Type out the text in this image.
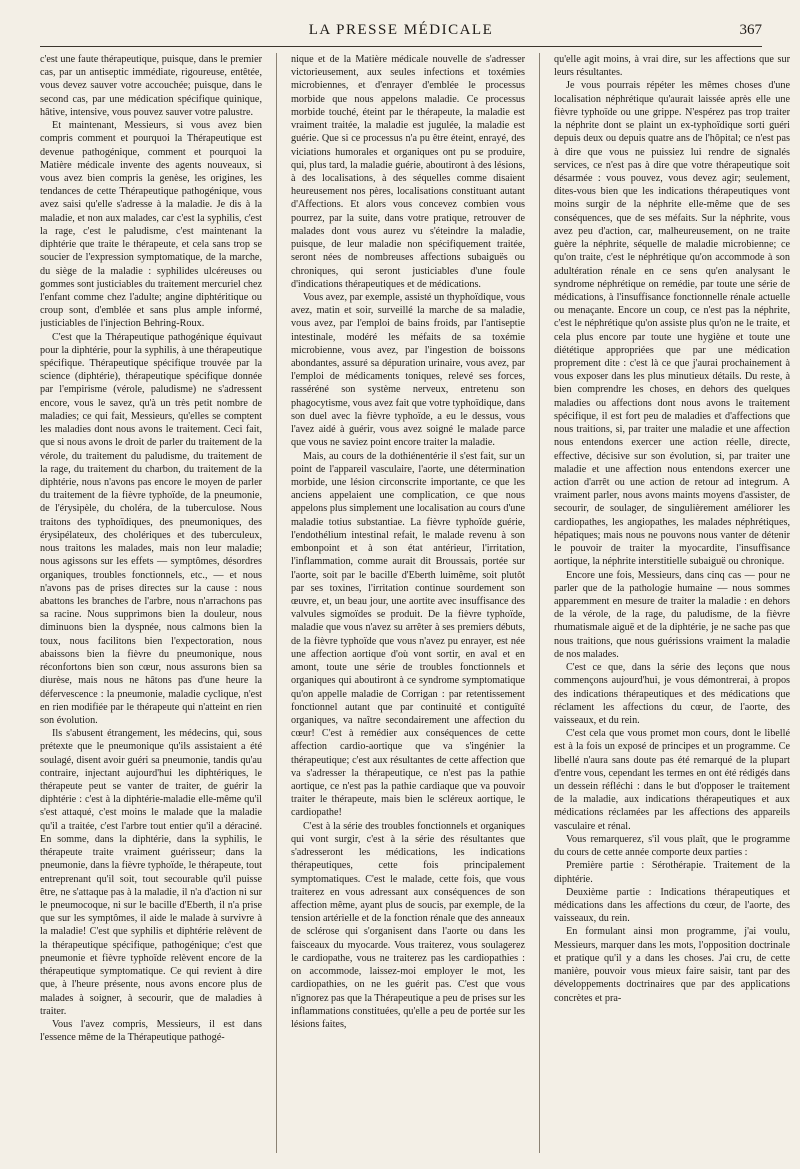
LA PRESSE MÉDICALE	367

c'est une faute thérapeutique, puisque, dans le premier cas, par un antiseptic immédiate, rigoureuse, entêtée, vous devez sauver votre accouchée; puisque, dans le second cas, par une médication spécifique quinique, hâtive, intensive, vous pouvez sauver votre palustre.

Et maintenant, Messieurs, si vous avez bien compris comment et pourquoi la Thérapeutique est devenue pathogénique, comment et pourquoi la Matière médicale invente des agents nouveaux, si vous avez bien compris la genèse, les origines, les tendances de cette Thérapeutique pathogénique, vous avez saisi qu'elle s'adresse à la maladie. Je dis à la maladie, et non aux malades, car c'est la syphilis, c'est la rage, c'est le paludisme, c'est maintenant la diphtérie que traite le thérapeute, et cela sans trop se soucier de l'expression symptomatique, de la marche, du siège de la maladie : syphilides ulcéreuses ou gommes sont justiciables du traitement mercuriel chez l'enfant comme chez l'adulte; angine diphtéritique ou croup sont, d'emblée et sans plus ample informé, justiciables de l'injection Behring-Roux.

C'est que la Thérapeutique pathogénique équivaut pour la diphtérie, pour la syphilis, à une thérapeutique spécifique. Thérapeutique spécifique trouvée par la science (diphtérie), thérapeutique spécifique donnée par l'empirisme (vérole, paludisme) ne s'adressent encore, vous le savez, qu'à un très petit nombre de maladies; ce qui fait, Messieurs, qu'elles se comptent les maladies dont nous avons le traitement. Ceci fait, que si nous avons le droit de parler du traitement de la vérole, du traitement du paludisme, du traitement de la rage, du traitement du charbon, du traitement de la diphtérie, nous n'avons pas encore le moyen de parler du traitement de la fièvre typhoïde, de la pneumonie, de l'érysipèle, du choléra, de la tuberculose. Nous traitons des typhoïdiques, des pneumoniques, des érysipélateux, des cholériques et des tuberculeux, nous traitons les malades, mais non leur maladie; nous agissons sur les effets — symptômes, désordres organiques, troubles fonctionnels, etc., — et nous n'avons pas de prises directes sur la cause : nous abattons les branches de l'arbre, nous n'arrachons pas sa racine. Nous supprimons bien la douleur, nous diminuons bien la dyspnée, nous calmons bien la toux, nous facilitons bien l'expectoration, nous abaissons bien la fièvre du pneumonique, nous réconfortons bien son cœur, nous assurons bien sa diurèse, mais nous ne hâtons pas d'une heure la défervescence : la pneumonie, maladie cyclique, n'est en rien modifiée par le thérapeute qui n'atteint en rien son évolution.

Ils s'abusent étrangement, les médecins, qui, sous prétexte que le pneumonique qu'ils assistaient a été soulagé, disent avoir guéri sa pneumonie, tandis qu'au contraire, injectant aujourd'hui les diphtériques, le thérapeute peut se vanter de traiter, de guérir la diphtérie : c'est à la diphtérie-maladie elle-même qu'il s'est attaqué, c'est moins le malade que la maladie qu'il a traitée, c'est l'arbre tout entier qu'il a déraciné. En somme, dans la diphtérie, dans la syphilis, le thérapeute traite vraiment guérisseur; dans la pneumonie, dans la fièvre typhoïde, le thérapeute, tout entreprenant qu'il soit, tout secourable qu'il puisse être, ne s'attaque pas à la maladie, il n'a d'action ni sur le pneumocoque, ni sur le bacille d'Eberth, il n'a prise que sur les symptômes, il aide le malade à survivre à la maladie! C'est que syphilis et diphtérie relèvent de la thérapeutique spécifique, pathogénique; c'est que pneumonie et fièvre typhoïde relèvent encore de la thérapeutique symptomatique. Ce qui revient à dire que, à l'heure présente, nous avons encore plus de malades à soigner, à secourir, que de maladies à traiter.

Vous l'avez compris, Messieurs, il est dans l'essence même de la Thérapeutique pathogé-

nique et de la Matière médicale nouvelle de s'adresser victorieusement, aux seules infections et toxémies microbiennes, et d'enrayer d'emblée le processus morbide que nous appelons maladie. Ce processus morbide touché, éteint par le thérapeute, la maladie est vraiment traitée, la maladie est jugulée, la maladie est guérie. Que si ce processus n'a pu être éteint, enrayé, des viciations humorales et organiques ont pu se produire, qui, plus tard, la maladie guérie, aboutiront à des lésions, à des localisations, à des séquelles comme disaient heureusement nos pères, localisations constituant autant d'Affections. Et alors vous concevez combien vous pourrez, par la suite, dans votre pratique, retrouver de malades dont vous aurez vu s'éteindre la maladie, puisque, de leur maladie non spécifiquement traitée, seront nées de nombreuses affections subaiguës ou chroniques, qui seront justiciables d'une foule d'indications thérapeutiques et de médications.

Vous avez, par exemple, assisté un thyphoïdique, vous avez, matin et soir, surveillé la marche de sa maladie, vous avez, par l'emploi de bains froids, par l'antiseptie intestinale, modéré les méfaits de sa toxémie microbienne, vous avez, par l'ingestion de boissons abondantes, assuré sa dépuration urinaire, vous avez, par l'emploi de médicaments toniques, relevé ses forces, rasséréné son système nerveux, entretenu son phagocytisme, vous avez fait que votre typhoïdique, dans son duel avec la fièvre typhoïde, a eu le dessus, vous l'avez aidé à guérir, vous avez soigné le malade parce que vous ne saviez point encore traiter la maladie.

Mais, au cours de la dothiénentérie il s'est fait, sur un point de l'appareil vasculaire, l'aorte, une détermination morbide, une lésion circonscrite importante, ce que les anciens appelaient une complication, ce que nous appelons plus simplement une localisation au cours d'une maladie totius substantiae. La fièvre typhoïde guérie, l'endothélium intestinal refait, le malade revenu à son embonpoint et à son état antérieur, l'irritation, l'inflammation, comme aurait dit Broussais, portée sur l'aorte, soit par le bacille d'Eberth luimême, soit plutôt par ses toxines, l'irritation continue sourdement son œuvre, et, un beau jour, une aortite avec insuffisance des valvules sigmoïdes se produit. De la fièvre typhoïde, maladie que vous n'avez su arrêter à ses premiers débuts, de la fièvre typhoïde que vous n'avez pu enrayer, est née une affection aortique d'où vont sortir, en aval et en amont, toute une série de troubles fonctionnels et organiques qui aboutiront à ce syndrome symptomatique qu'on appelle maladie de Corrigan : par retentissement fonctionnel autant que par continuité et contiguïté organiques, va naître secondairement une affection du cœur! C'est à remédier aux conséquences de cette affection cardio-aortique que va s'ingénier la thérapeutique; c'est aux résultantes de cette affection que va s'adresser la thérapeutique, ce n'est pas la pathie aortique, ce n'est pas la pathie cardiaque que va pouvoir traiter le thérapeute, mais bien le scléreux aortique, le cardiopathe!

C'est à la série des troubles fonctionnels et organiques qui vont surgir, c'est à la série des résultantes que s'adresseront les médications, les indications thérapeutiques, cette fois principalement symptomatiques. C'est le malade, cette fois, que vous traiterez en vous adressant aux conséquences de son affection même, ayant plus de soucis, par exemple, de la tension artérielle et de la fonction rénale que des anneaux de sclérose qui s'organisent dans l'aorte ou dans les faisceaux du myocarde. Vous traiterez, vous soulagerez le cardiopathe, vous ne traiterez pas les cardiopathies : on accommode, laissez-moi employer le mot, les cardiopathies, on ne les guérit pas. C'est que vous n'ignorez pas que la Thérapeutique a peu de prises sur les inflammations constituées, qu'elle a peu de portée sur les lésions faites,

qu'elle agit moins, à vrai dire, sur les affections que sur leurs résultantes.

Je vous pourrais répéter les mêmes choses d'une localisation néphrétique qu'aurait laissée après elle une fièvre typhoïde ou une grippe. N'espérez pas trop traiter la néphrite dont se plaint un ex-typhoïdique sorti guéri depuis deux ou depuis quatre ans de l'hôpital; ce n'est pas à dire que vous ne puissiez lui rendre de signalés services, ce n'est pas à dire que votre thérapeutique soit désarmée : vous pouvez, vous devez agir; seulement, dites-vous bien que les indications thérapeutiques vont moins surgir de la néphrite elle-même que de ses conséquences, que de ses méfaits. Sur la néphrite, vous avez peu d'action, car, malheureusement, on ne traite guère la néphrite, séquelle de maladie microbienne; ce qu'on traite, c'est le néphrétique qu'on accommode à son adultération rénale en ce sens qu'en analysant le syndrome néphrétique on remédie, par toute une série de médications, à l'insuffisance fonctionnelle rénale actuelle ou menaçante. Encore un coup, ce n'est pas la néphrite, c'est le néphrétique qu'on assiste plus qu'on ne le traite, et cela plus encore par toute une hygiène et toute une diététique appropriées que par une médication proprement dite : c'est là ce que j'aurai prochainement à vous exposer dans les plus minutieux détails. Du reste, à bien comprendre les choses, en dehors des quelques maladies ou affections dont nous avons le traitement spécifique, il est fort peu de maladies et d'affections que nous traitions, si, par traiter une maladie et une affection nous entendons exercer une action réelle, directe, effective, décisive sur son évolution, si, par traiter une maladie et une affection nous entendons exercer une action d'arrêt ou une action de retour ad integrum. A vraiment parler, nous avons maints moyens d'assister, de secourir, de soulager, de singulièrement améliorer les cardiopathes, les angiopathes, les malades néphrétiques, hépatiques; mais nous ne pouvons nous vanter de détenir le pouvoir de traiter la myocardite, l'insuffisance aortique, la néphrite interstitielle subaiguë ou chronique.

Encore une fois, Messieurs, dans cinq cas — pour ne parler que de la pathologie humaine — nous sommes apparemment en mesure de traiter la maladie : en dehors de la vérole, de la rage, du paludisme, de la fièvre rhumatismale aiguë et de la diphtérie, je ne sache pas que nous traitions, que nous guérissions vraiment la maladie de nos malades.

C'est ce que, dans la série des leçons que nous commençons aujourd'hui, je vous démontrerai, à propos des indications thérapeutiques et des médications que réclament les affections du cœur, de l'aorte, des vaisseaux, et du rein.

C'est cela que vous promet mon cours, dont le libellé est à la fois un exposé de principes et un programme. Ce libellé n'aura sans doute pas été remarqué de la plupart d'entre vous, cependant les termes en ont été rédigés dans un dessein réfléchi : dans le but d'opposer le traitement de la maladie, aux indications thérapeutiques et aux médications réclamées par les affections des appareils vasculaire et rénal.

Vous remarquerez, s'il vous plaît, que le programme du cours de cette année comporte deux parties :

Première partie : Sérothérapie. Traitement de la diphtérie.

Deuxième partie : Indications thérapeutiques et médications dans les affections du cœur, de l'aorte, des vaisseaux, du rein.

En formulant ainsi mon programme, j'ai voulu, Messieurs, marquer dans les mots, l'opposition doctrinale et pratique qu'il y a dans les choses. J'ai cru, de cette manière, pouvoir vous mieux faire saisir, tant par des développements doctrinaires que par des applications concrètes et pra-
